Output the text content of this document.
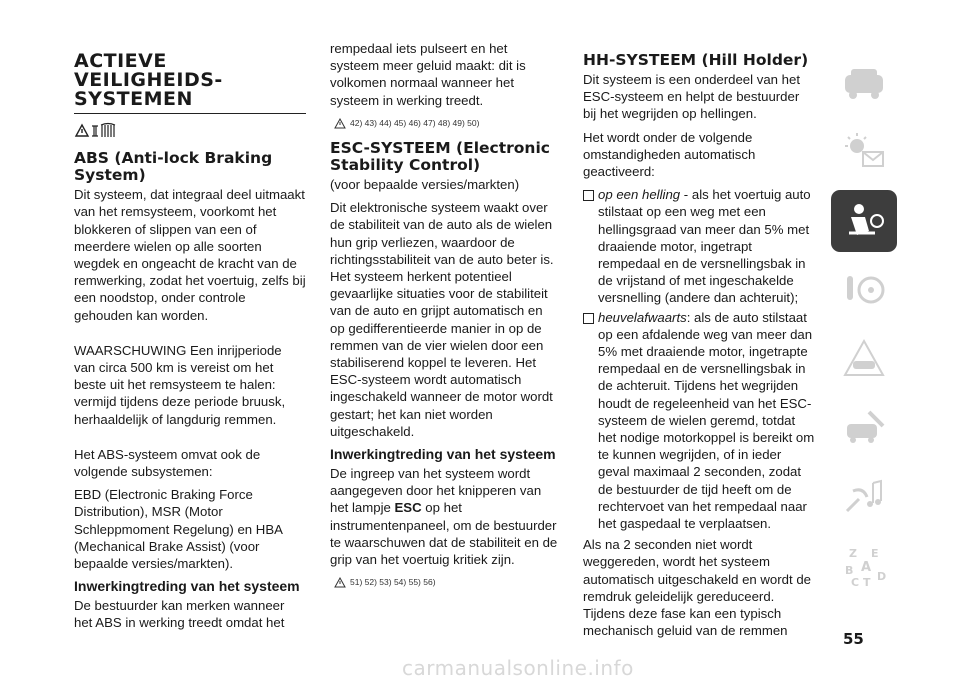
ACTIEVE
VEILIGHEIDS-
SYSTEMEN
ABS (Anti-lock Braking System)

Dit systeem, dat integraal deel uitmaakt van het remsysteem, voorkomt het blokkeren of slippen van een of meerdere wielen op alle soorten wegdek en ongeacht de kracht van de remwerking, zodat het voertuig, zelfs bij een noodstop, onder controle gehouden kan worden.

WAARSCHUWING Een inrijperiode van circa 500 km is vereist om het beste uit het remsysteem te halen: vermijd tijdens deze periode bruusk, herhaaldelijk of langdurig remmen.

Het ABS-systeem omvat ook de volgende subsystemen:

EBD (Electronic Braking Force Distribution), MSR (Motor Schleppmoment Regelung) en HBA (Mechanical Brake Assist) (voor bepaalde versies/markten).

Inwerkingtreding van het systeem

De bestuurder kan merken wanneer het ABS in werking treedt omdat het

rempedaal iets pulseert en het systeem meer geluid maakt: dit is volkomen normaal wanneer het systeem in werking treedt.

42) 43) 44) 45) 46) 47) 48) 49) 50)
ESC-SYSTEEM (Electronic Stability Control)

(voor bepaalde versies/markten)

Dit elektronische systeem waakt over de stabiliteit van de auto als de wielen hun grip verliezen, waardoor de richtingsstabiliteit van de auto beter is. Het systeem herkent potentieel gevaarlijke situaties voor de stabiliteit van de auto en grijpt automatisch en op gedifferentieerde manier in op de remmen van de vier wielen door een stabiliserend koppel te leveren. Het ESC-systeem wordt automatisch ingeschakeld wanneer de motor wordt gestart; het kan niet worden uitgeschakeld.

Inwerkingtreding van het systeem

De ingreep van het systeem wordt aangegeven door het knipperen van het lampje ESC op het instrumentenpaneel, om de bestuurder te waarschuwen dat de stabiliteit en de grip van het voertuig kritiek zijn.

51) 52) 53) 54) 55) 56)
HH-SYSTEEM (Hill Holder)

Dit systeem is een onderdeel van het ESC-systeem en helpt de bestuurder bij het wegrijden op hellingen.

Het wordt onder de volgende omstandigheden automatisch geactiveerd:

op een helling - als het voertuig auto stilstaat op een weg met een hellingsgraad van meer dan 5% met draaiende motor, ingetrapt rempedaal en de versnellingsbak in de vrijstand of met ingeschakelde versnelling (andere dan achteruit);
heuvelafwaarts: als de auto stilstaat op een afdalende weg van meer dan 5% met draaiende motor, ingetrapte rempedaal en de versnellingsbak in de achteruit. Tijdens het wegrijden houdt de regeleenheid van het ESC-systeem de wielen geremd, totdat het nodige motorkoppel is bereikt om te kunnen wegrijden, of in ieder geval maximaal 2 seconden, zodat de bestuurder de tijd heeft om de rechtervoet van het rempedaal naar het gaspedaal te verplaatsen.

Als na 2 seconden niet wordt weggereden, wordt het systeem automatisch uitgeschakeld en wordt de remdruk geleidelijk gereduceerd. Tijdens deze fase kan een typisch mechanisch geluid van de remmen

Z E
A
B
C D
T
55
carmanualsonline.info
